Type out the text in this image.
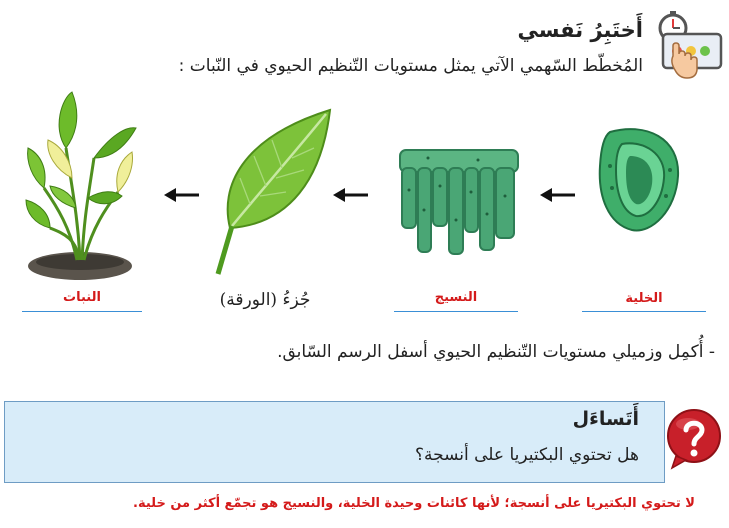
أَختَبِرُ نَفسي
المُخطّط السّهمي الآتي يمثل مستويات التّنظيم الحيوي في النّبات :
النبات	جُزءُ (الورقة)	النسيج	الخلية
- أُكمِل وزميلي مستويات التّنظيم الحيوي أسفل الرسم السّابق.
أَتَساءَل
هل تحتوي البكتيريا على أنسجة؟
لا تحتوي البكتيريا على أنسجة؛ لأنها كائنات وحيدة الخلية، والنسيج هو تجمّع أكثر من خلية.
